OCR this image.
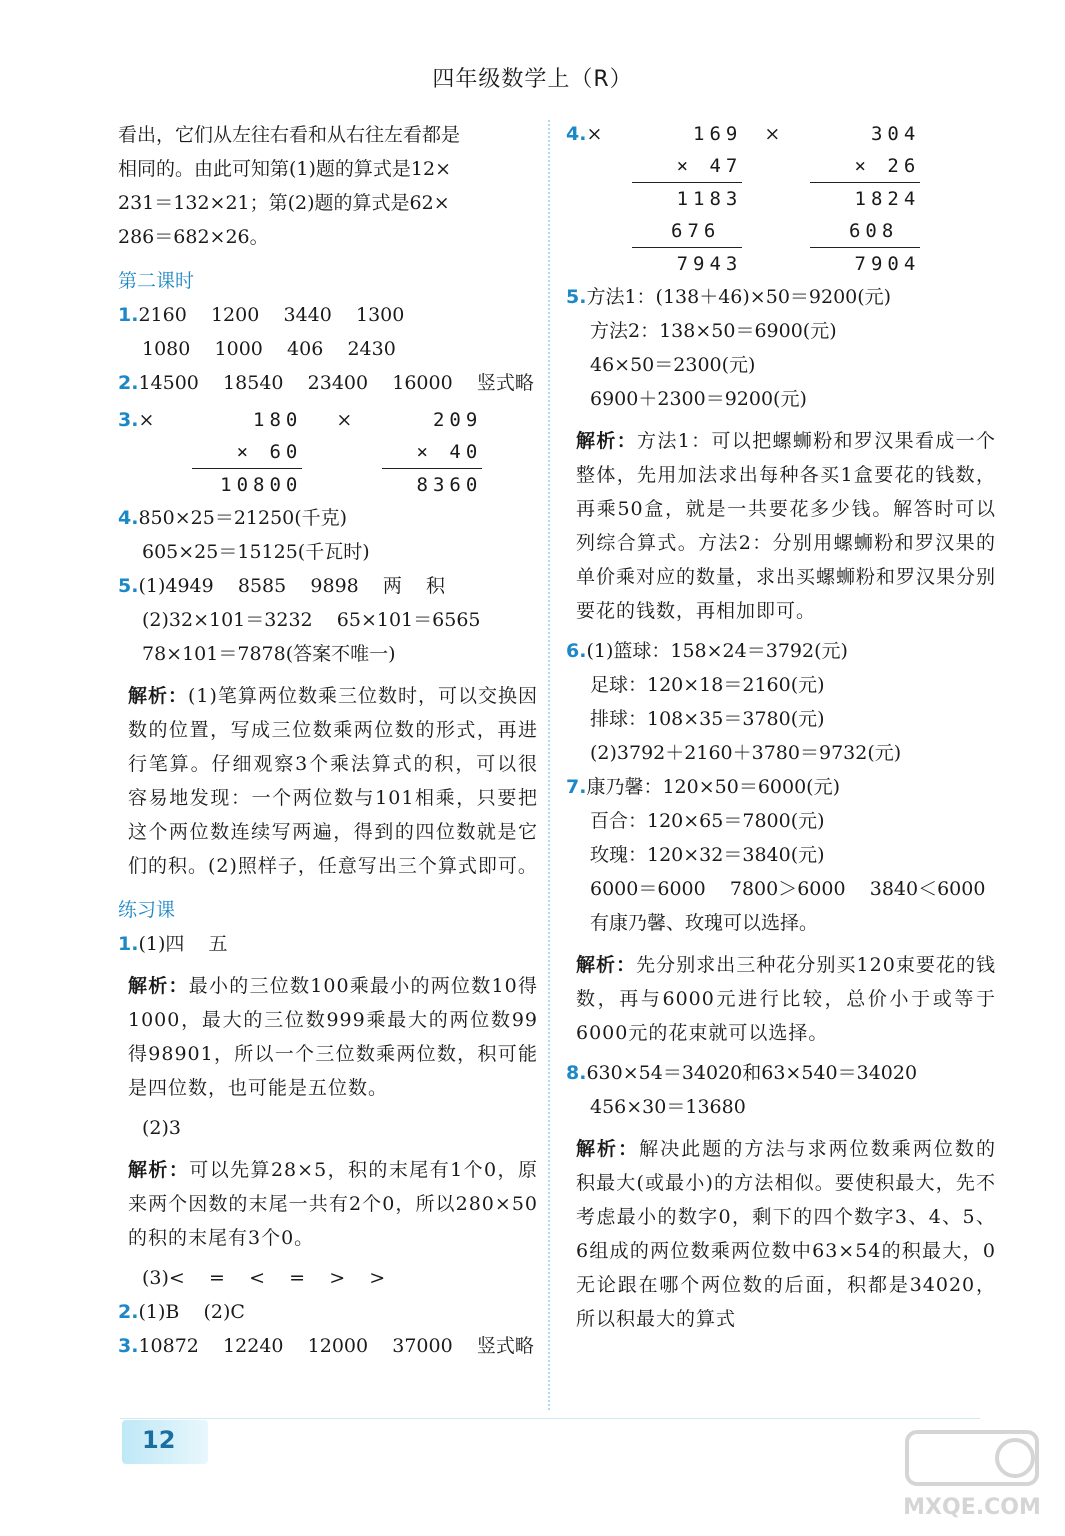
四年级数学上（R）
看出，它们从左往右看和从右往左看都是
相同的。由此可知第(1)题的算式是12×
231＝132×21；第(2)题的算式是62×
286＝682×26。
第二课时
1.2160    1200    3440    1300
1080    1000    406    2430
2.14500    18540    23400    16000    竖式略
3.×	180
× 60
10800
×	209
× 40
8360
4.850×25＝21250(千克)
605×25＝15125(千瓦时)
5.(1)4949    8585    9898    两    积
(2)32×101＝3232    65×101＝6565
78×101＝7878(答案不唯一)
解析：(1)笔算两位数乘三位数时，可以交换因数的位置，写成三位数乘两位数的形式，再进行笔算。仔细观察3个乘法算式的积，可以很容易地发现：一个两位数与101相乘，只要把这个两位数连续写两遍，得到的四位数就是它们的积。(2)照样子，任意写出三个算式即可。
练习课
1.(1)四    五
解析：最小的三位数100乘最小的两位数10得1000，最大的三位数999乘最大的两位数99得98901，所以一个三位数乘两位数，积可能是四位数，也可能是五位数。
(2)3
解析：可以先算28×5，积的末尾有1个0，原来两个因数的末尾一共有2个0，所以280×50的积的末尾有3个0。
(3)<    =    <    =    >    >
2.(1)B    (2)C
3.10872    12240    12000    37000    竖式略
4.×	169
× 47
1183
676
7943
×	304
× 26
1824
608
7904
5.方法1：(138＋46)×50＝9200(元)
方法2：138×50＝6900(元)
46×50＝2300(元)
6900＋2300＝9200(元)
解析：方法1：可以把螺蛳粉和罗汉果看成一个整体，先用加法求出每种各买1盒要花的钱数，再乘50盒，就是一共要花多少钱。解答时可以列综合算式。方法2：分别用螺蛳粉和罗汉果的单价乘对应的数量，求出买螺蛳粉和罗汉果分别要花的钱数，再相加即可。
6.(1)篮球：158×24＝3792(元)
足球：120×18＝2160(元)
排球：108×35＝3780(元)
(2)3792＋2160＋3780＝9732(元)
7.康乃馨：120×50＝6000(元)
百合：120×65＝7800(元)
玫瑰：120×32＝3840(元)
6000＝6000    7800＞6000    3840＜6000
有康乃馨、玫瑰可以选择。
解析：先分别求出三种花分别买120束要花的钱数，再与6000元进行比较，总价小于或等于6000元的花束就可以选择。
8.630×54＝34020和63×540＝34020
456×30＝13680
解析：解决此题的方法与求两位数乘两位数的积最大(或最小)的方法相似。要使积最大，先不考虑最小的数字0，剩下的四个数字3、4、5、6组成的两位数乘两位数中63×54的积最大，0无论跟在哪个两位数的后面，积都是34020，所以积最大的算式
12
MXQE.COM
